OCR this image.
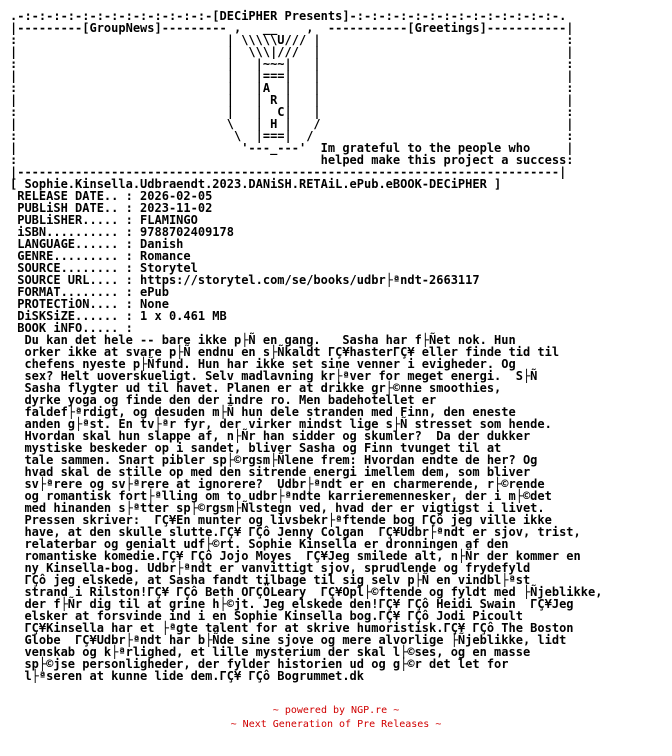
.-:-:-:-:-:-:-:-:-:-:-:-:-:-[DECiPHER Presents]-:-:-:-:-:-:-:-:-:-:-:-:-:-:-.
|---------[GroupNews]--------- ,   __    ,  -----------[Greetings]-----------|
:                             | \\\\\U/// |                                  :
|                             |  \\\|///  |                                  |
:                             |   |~~~|   |                                  :
|                             |   |===|   |                                  |
:                             |   |A  |   |                                  :
|                             |   | R |   |                                  |
:                             |   |  C|   |                                  :
|                             \   | H |   /                                  |
:                              \  |===|  /                                   :
|                               '---_---'  Im grateful to the people who     |
:                                          helped make this project a success:
|---------------------------------------------------------------------------|
[ Sophie.Kinsella.Udbraendt.2023.DANiSH.RETAiL.ePub.eBOOK-DECiPHER ]
RELEASE DATE.. : 2026-02-05
PUBLiSH DATE.. : 2023-11-02
PUBLiSHER..... : FLAMINGO
iSBN.......... : 9788702409178
LANGUAGE...... : Danish
GENRE......... : Romance
SOURCE........ : Storytel
SOURCE URL.... : https://storytel.com/se/books/udbr├ªndt-2663117
FORMAT........ : ePub
PROTECTiON.... : None
DiSKSiZE...... : 1 x 0.461 MB
BOOK iNFO..... :
Du kan det hele -- bare ikke p├Ñ en gang.   Sasha har f├Ñet nok. Hun
orker ikke at svare p├Ñ endnu en s├Ñkaldt ΓÇ¥hasterΓÇ¥ eller finde tid til
chefens nyeste p├Ñfund. Hun har ikke set sine venner i evigheder. Og
sex? Helt uoverskueligt. Selv madlavning kr├ªver for meget energi.  S├Ñ
Sasha flygter ud til havet. Planen er at drikke gr├©nne smoothies,
dyrke yoga og finde den der indre ro. Men badehotellet er
faldef├ªrdigt, og desuden m├Ñ hun dele stranden med Finn, den eneste
anden g├ªst. En tv├ªr fyr, der virker mindst lige s├Ñ stresset som hende.
Hvordan skal hun slappe af, n├Ñr han sidder og skumler?  Da der dukker
mystiske beskeder op i sandet, bliver Sasha og Finn tvunget til at
tale sammen. Snart pibler sp├©rgsm├Ñlene frem: Hvordan endte de her? Og
hvad skal de stille op med den sitrende energi imellem dem, som bliver
sv├ªrere og sv├ªrere at ignorere?  Udbr├ªndt er en charmerende, r├©rende
og romantisk fort├ªlling om to udbr├ªndte karrieremennesker, der i m├©det
med hinanden s├ªtter sp├©rgsm├Ñlstegn ved, hvad der er vigtigst i livet.
Pressen skriver:  ΓÇ¥En munter og livsbekr├ªftende bog ΓÇô jeg ville ikke
have, at den skulle slutte.ΓÇ¥ ΓÇô Jenny Colgan  ΓÇ¥Udbr├ªndt er sjov, trist,
relaterbar og genialt udf├©rt. Sophie Kinsella er dronningen af den
romantiske komedie.ΓÇ¥ ΓÇô Jojo Moyes  ΓÇ¥Jeg smilede alt, n├Ñr der kommer en
ny Kinsella-bog. Udbr├ªndt er vanvittigt sjov, sprudlende og frydefyld
ΓÇô jeg elskede, at Sasha fandt tilbage til sig selv p├Ñ en vindbl├ªst
strand i Rilston!ΓÇ¥ ΓÇô Beth OΓÇÖLeary  ΓÇ¥Opl├©ftende og fyldt med ├Ñjeblikke,
der f├Ñr dig til at grine h├©jt. Jeg elskede den!ΓÇ¥ ΓÇô Heidi Swain  ΓÇ¥Jeg
elsker at forsvinde ind i en Sophie Kinsella bog.ΓÇ¥ ΓÇô Jodi Picoult
ΓÇ¥Kinsella har et ├ªgte talent for at skrive humoristisk.ΓÇ¥ ΓÇô The Boston
Globe  ΓÇ¥Udbr├ªndt har b├Ñde sine sjove og mere alvorlige ├Ñjeblikke, lidt
venskab og k├ªrlighed, et lille mysterium der skal l├©ses, og en masse
sp├©jse personligheder, der fylder historien ud og g├©r det let for
l├ªseren at kunne lide dem.ΓÇ¥ ΓÇô Bogrummet.dk
~ powered by NGP.re ~
~ Next Generation of Pre Releases ~
